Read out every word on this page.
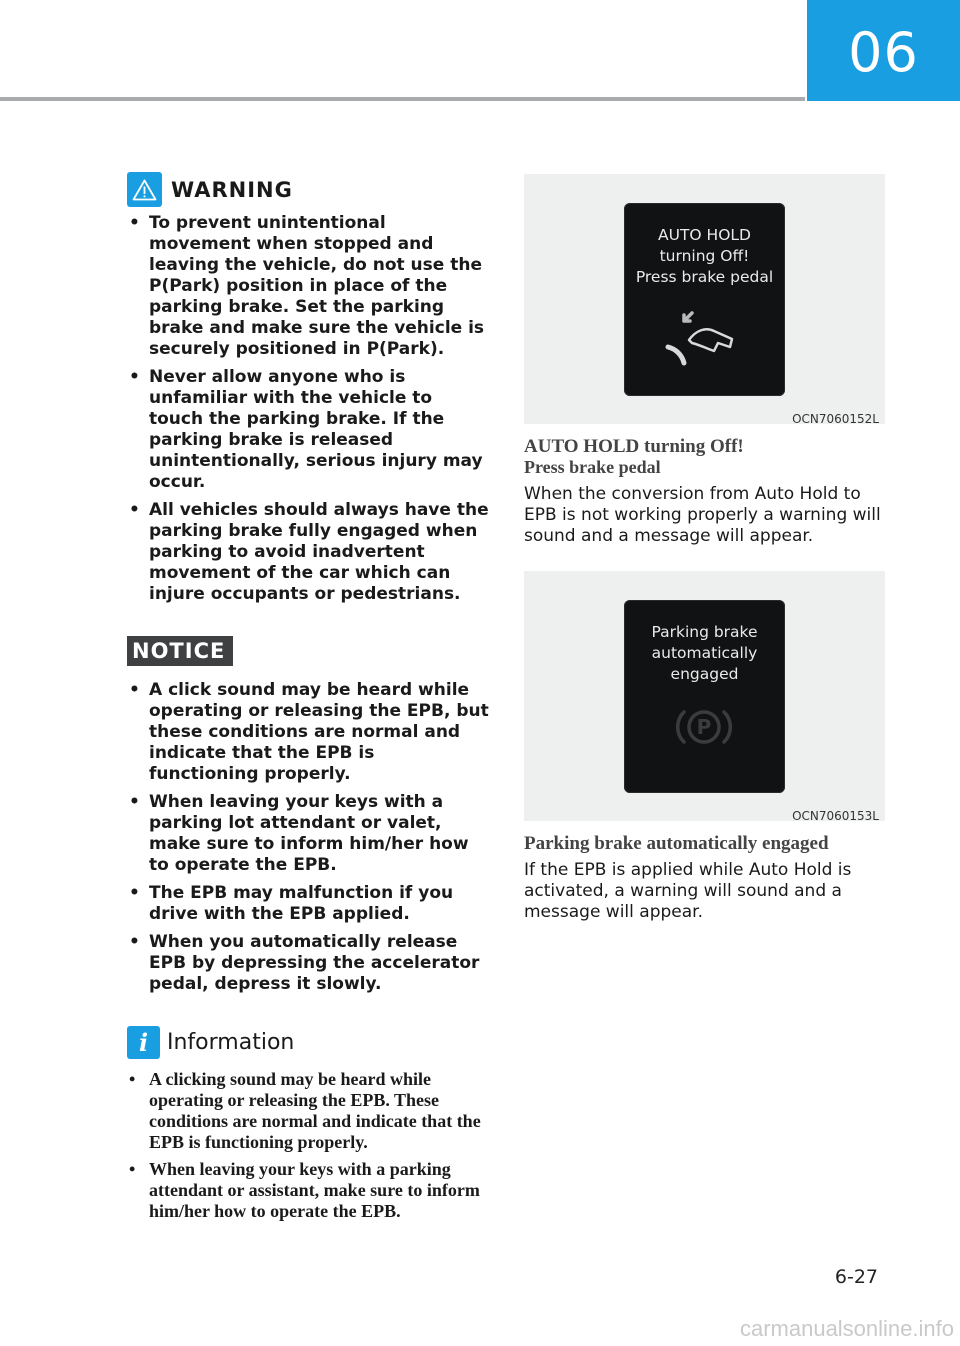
06
WARNING
• To prevent unintentional movement when stopped and leaving the vehicle, do not use the P(Park) position in place of the parking brake. Set the parking brake and make sure the vehicle is securely positioned in P(Park).
• Never allow anyone who is unfamiliar with the vehicle to touch the parking brake. If the parking brake is released unintentionally, serious injury may occur.
• All vehicles should always have the parking brake fully engaged when parking to avoid inadvertent movement of the car which can injure occupants or pedestrians.
NOTICE
• A click sound may be heard while operating or releasing the EPB, but these conditions are normal and indicate that the EPB is functioning properly.
• When leaving your keys with a parking lot attendant or valet, make sure to inform him/her how to operate the EPB.
• The EPB may malfunction if you drive with the EPB applied.
• When you automatically release EPB by depressing the accelerator pedal, depress it slowly.
i Information
• A clicking sound may be heard while operating or releasing the EPB. These conditions are normal and indicate that the EPB is functioning properly.
• When leaving your keys with a parking attendant or assistant, make sure to inform him/her how to operate the EPB.
AUTO HOLD
turning Off!
Press brake pedal
OCN7060152L
AUTO HOLD turning Off!
Press brake pedal
When the conversion from Auto Hold to EPB is not working properly a warning will sound and a message will appear.
Parking brake
automatically
engaged
P
OCN7060153L
Parking brake automatically engaged
If the EPB is applied while Auto Hold is activated, a warning will sound and a message will appear.
6-27
carmanualsonline.info
